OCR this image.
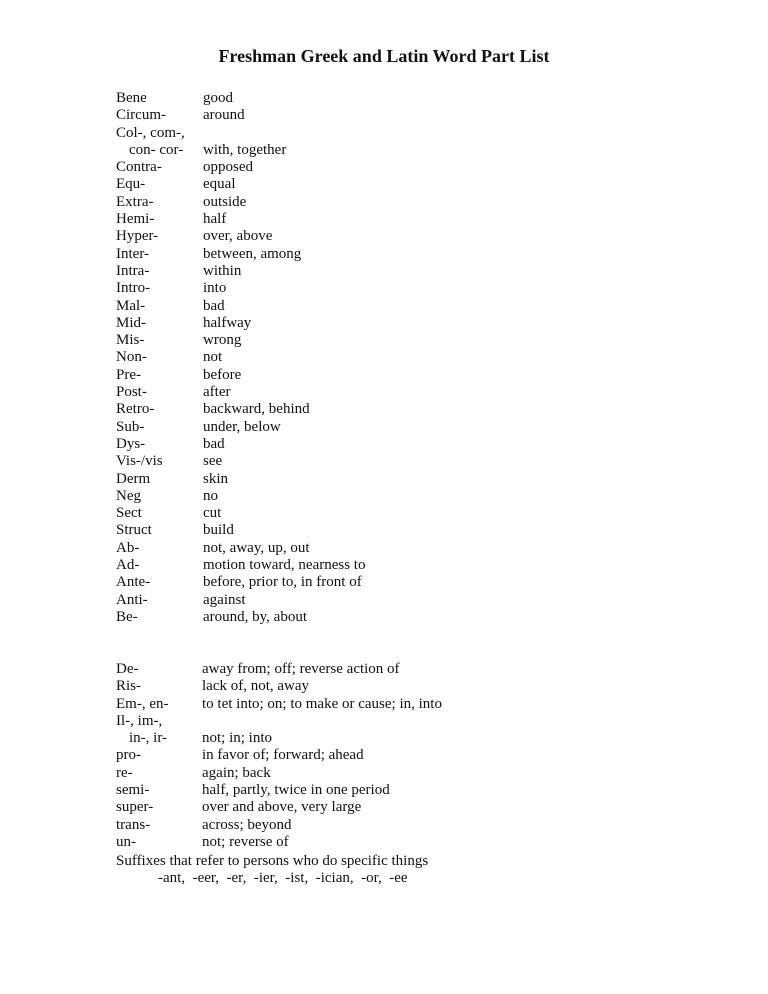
Freshman Greek and Latin Word Part List
Bene	good
Circum- around
Col-, com-,
con- cor- with, together
Contra-	opposed
Equ-	equal
Extra-	outside
Hemi-	half
Hyper-	over, above
Inter-	between, among
Intra-	within
Intro-	into
Mal-	bad
Mid-	halfway
Mis-	wrong
Non-	not
Pre-	before
Post-	after
Retro-	backward, behind
Sub-	under, below
Dys-	bad
Vis-/vis	see
Derm	skin
Neg	no
Sect	cut
Struct	build
Ab-	not, away, up, out
Ad-	motion toward, nearness to
Ante-	before, prior to, in front of
Anti-	against
Be-	around, by, about
De-	away from; off; reverse action of
Ris-	lack of, not, away
Em-, en- to tet into; on; to make or cause; in, into
Il-, im-,
in-, ir- not; in; into
pro-	in favor of; forward; ahead
re-	again; back
semi-	half, partly, twice in one period
super-	over and above, very large
trans-	across; beyond
un-	not; reverse of
Suffixes that refer to persons who do specific things
-ant,  -eer,  -er,  -ier,  -ist,  -ician,  -or,  -ee
